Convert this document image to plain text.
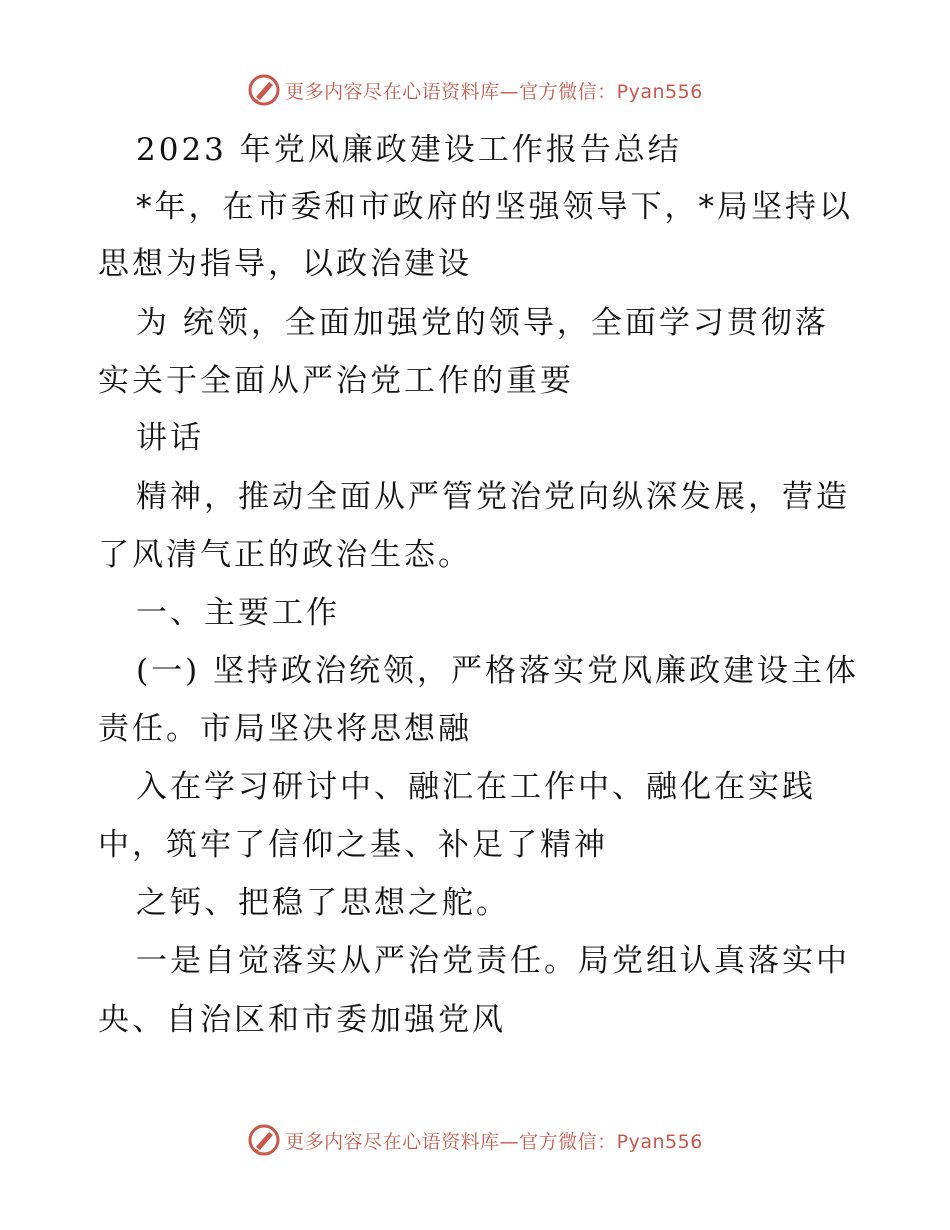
更多内容尽在心语资料库—官方微信：Pyan556
2023 年党风廉政建设工作报告总结
*年，在市委和市政府的坚强领导下，*局坚持以
思想为指导，以政治建设
为 统领，全面加强党的领导，全面学习贯彻落
实关于全面从严治党工作的重要
讲话
精神，推动全面从严管党治党向纵深发展，营造
了风清气正的政治生态。
一、主要工作
(一) 坚持政治统领，严格落实党风廉政建设主体
责任。市局坚决将思想融
入在学习研讨中、融汇在工作中、融化在实践
中，筑牢了信仰之基、补足了精神
之钙、把稳了思想之舵。
一是自觉落实从严治党责任。局党组认真落实中
央、自治区和市委加强党风
更多内容尽在心语资料库—官方微信：Pyan556
